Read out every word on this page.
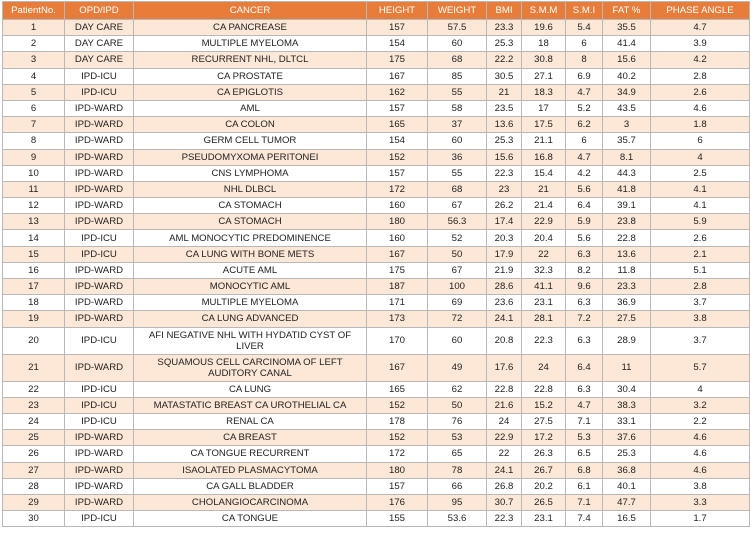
PatientNo.	OPD/IPD	CANCER	HEIGHT	WEIGHT	BMI	S.M.M	S.M.I	FAT %	PHASE ANGLE
1	DAY CARE	CA PANCREASE	157	57.5	23.3	19.6	5.4	35.5	4.7
2	DAY CARE	MULTIPLE MYELOMA	154	60	25.3	18	6	41.4	3.9
3	DAY CARE	RECURRENT NHL, DLTCL	175	68	22.2	30.8	8	15.6	4.2
4	IPD-ICU	CA PROSTATE	167	85	30.5	27.1	6.9	40.2	2.8
5	IPD-ICU	CA EPIGLOTIS	162	55	21	18.3	4.7	34.9	2.6
6	IPD-WARD	AML	157	58	23.5	17	5.2	43.5	4.6
7	IPD-WARD	CA COLON	165	37	13.6	17.5	6.2	3	1.8
8	IPD-WARD	GERM CELL TUMOR	154	60	25.3	21.1	6	35.7	6
9	IPD-WARD	PSEUDOMYXOMA PERITONEI	152	36	15.6	16.8	4.7	8.1	4
10	IPD-WARD	CNS LYMPHOMA	157	55	22.3	15.4	4.2	44.3	2.5
11	IPD-WARD	NHL DLBCL	172	68	23	21	5.6	41.8	4.1
12	IPD-WARD	CA STOMACH	160	67	26.2	21.4	6.4	39.1	4.1
13	IPD-WARD	CA STOMACH	180	56.3	17.4	22.9	5.9	23.8	5.9
14	IPD-ICU	AML MONOCYTIC PREDOMINENCE	160	52	20.3	20.4	5.6	22.8	2.6
15	IPD-ICU	CA LUNG WITH BONE METS	167	50	17.9	22	6.3	13.6	2.1
16	IPD-WARD	ACUTE AML	175	67	21.9	32.3	8.2	11.8	5.1
17	IPD-WARD	MONOCYTIC AML	187	100	28.6	41.1	9.6	23.3	2.8
18	IPD-WARD	MULTIPLE MYELOMA	171	69	23.6	23.1	6.3	36.9	3.7
19	IPD-WARD	CA LUNG ADVANCED	173	72	24.1	28.1	7.2	27.5	3.8
20	IPD-ICU	AFI NEGATIVE NHL WITH HYDATID CYST OF LIVER	170	60	20.8	22.3	6.3	28.9	3.7
21	IPD-WARD	SQUAMOUS CELL CARCINOMA OF LEFT AUDITORY CANAL	167	49	17.6	24	6.4	11	5.7
22	IPD-ICU	CA LUNG	165	62	22.8	22.8	6.3	30.4	4
23	IPD-ICU	MATASTATIC BREAST CA UROTHELIAL CA	152	50	21.6	15.2	4.7	38.3	3.2
24	IPD-ICU	RENAL CA	178	76	24	27.5	7.1	33.1	2.2
25	IPD-WARD	CA BREAST	152	53	22.9	17.2	5.3	37.6	4.6
26	IPD-WARD	CA TONGUE RECURRENT	172	65	22	26.3	6.5	25.3	4.6
27	IPD-WARD	ISAOLATED PLASMACYTOMA	180	78	24.1	26.7	6.8	36.8	4.6
28	IPD-WARD	CA GALL BLADDER	157	66	26.8	20.2	6.1	40.1	3.8
29	IPD-WARD	CHOLANGIOCARCINOMA	176	95	30.7	26.5	7.1	47.7	3.3
30	IPD-ICU	CA TONGUE	155	53.6	22.3	23.1	7.4	16.5	1.7
